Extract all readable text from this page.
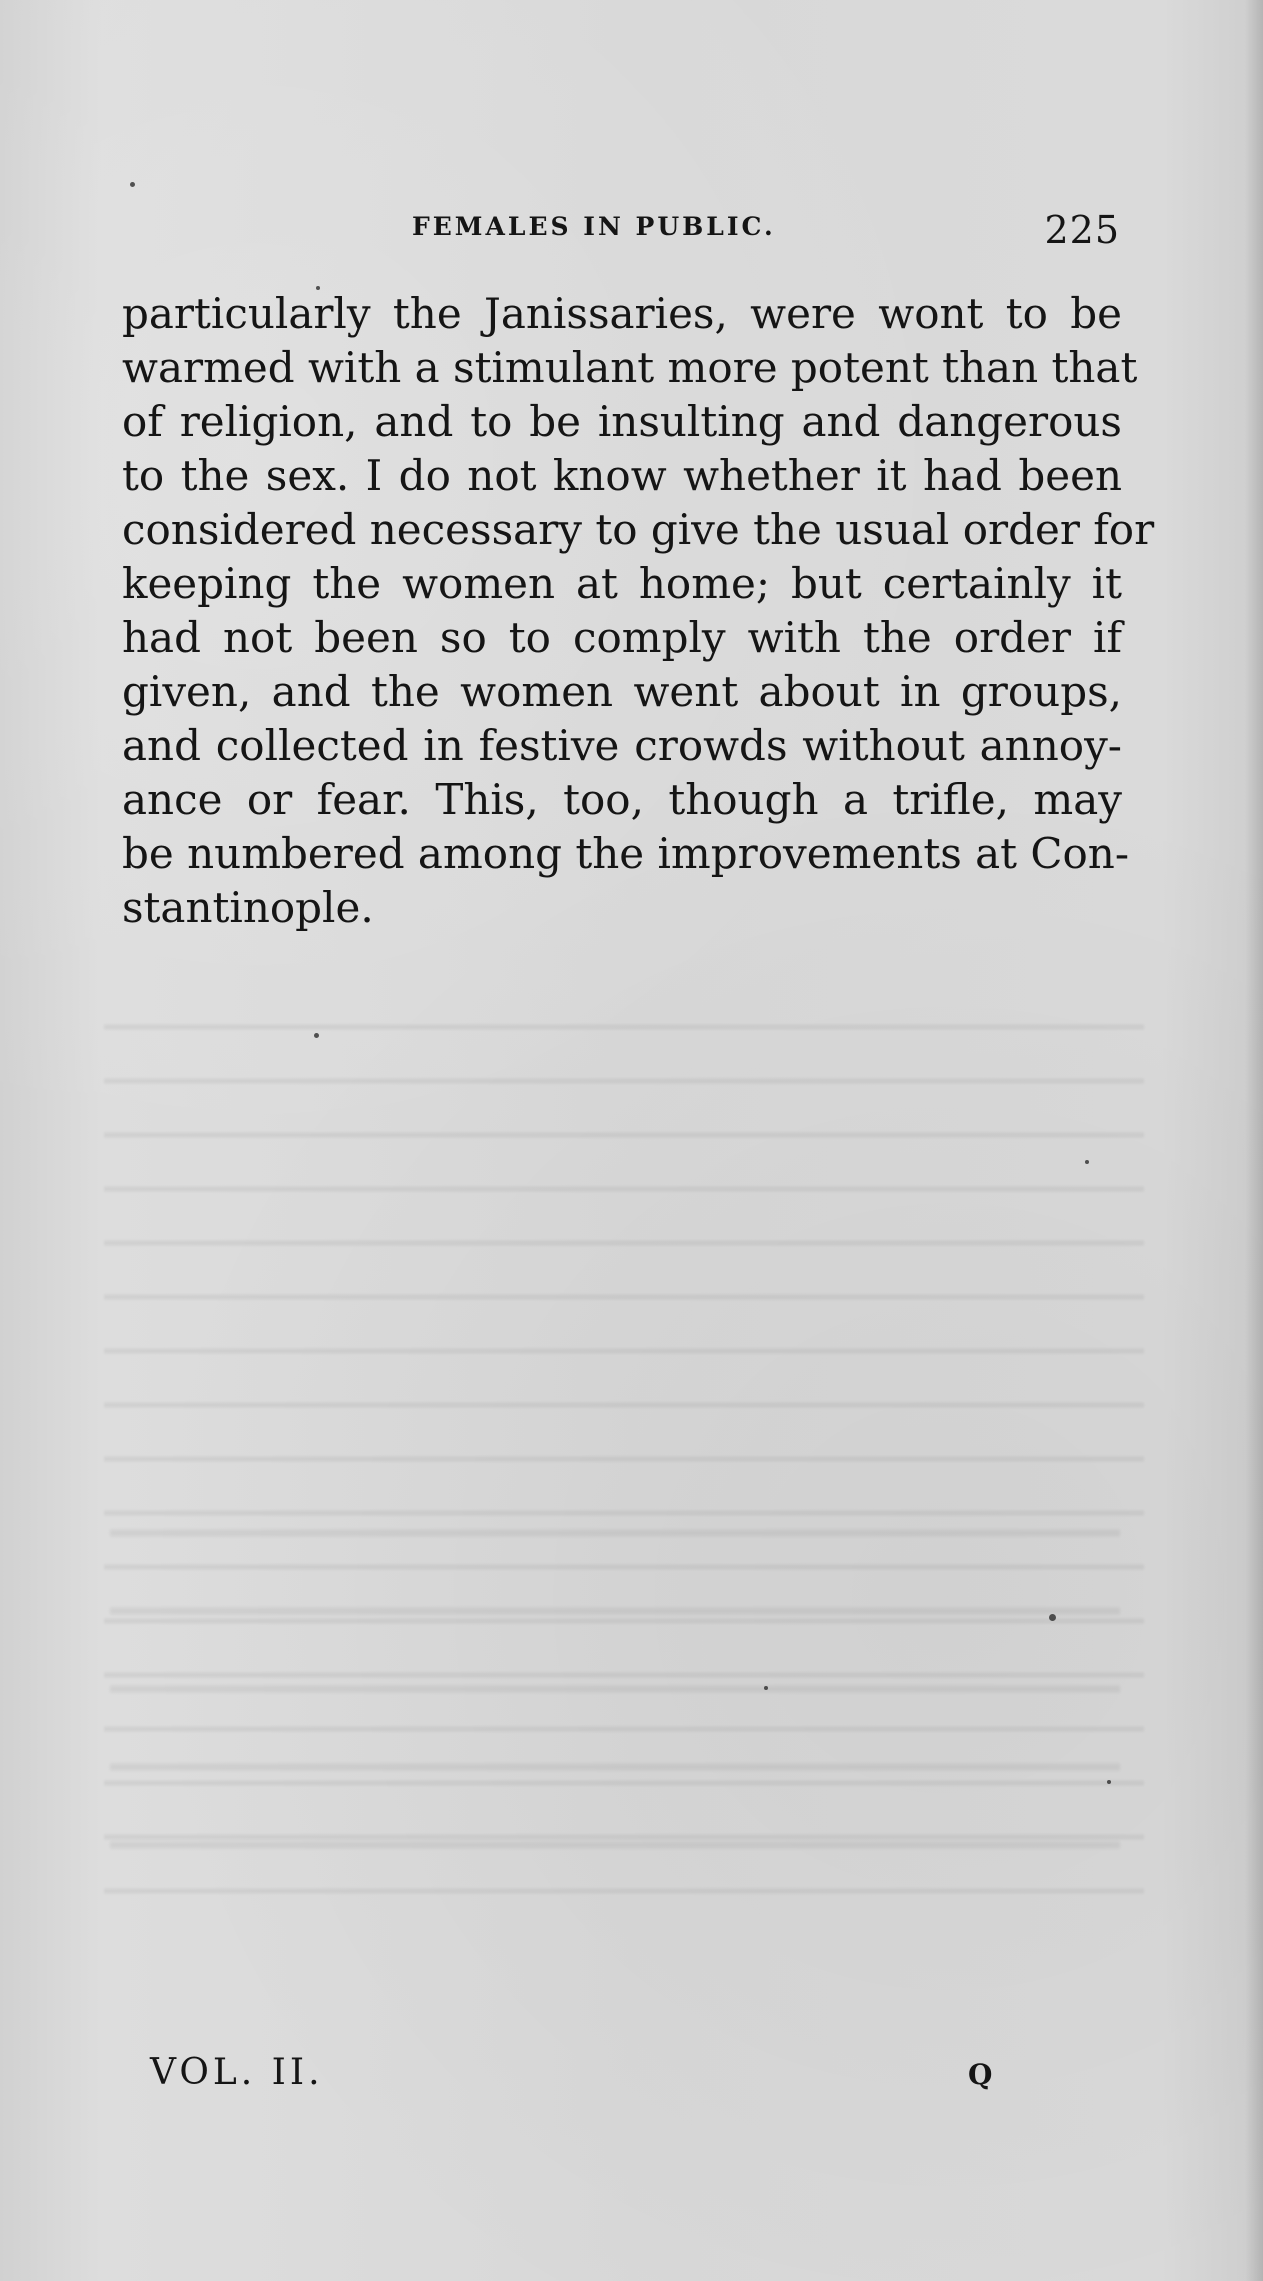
FEMALES IN PUBLIC.	225
particularly the Janissaries, were wont to be
warmed with a stimulant more potent than that
of religion, and to be insulting and dangerous
to the sex. I do not know whether it had been
considered necessary to give the usual order for
keeping the women at home; but certainly it
had not been so to comply with the order if
given, and the women went about in groups,
and collected in festive crowds without annoy-
ance or fear. This, too, though a trifle, may
be numbered among the improvements at Con-
stantinople.
VOL. II.	Q
